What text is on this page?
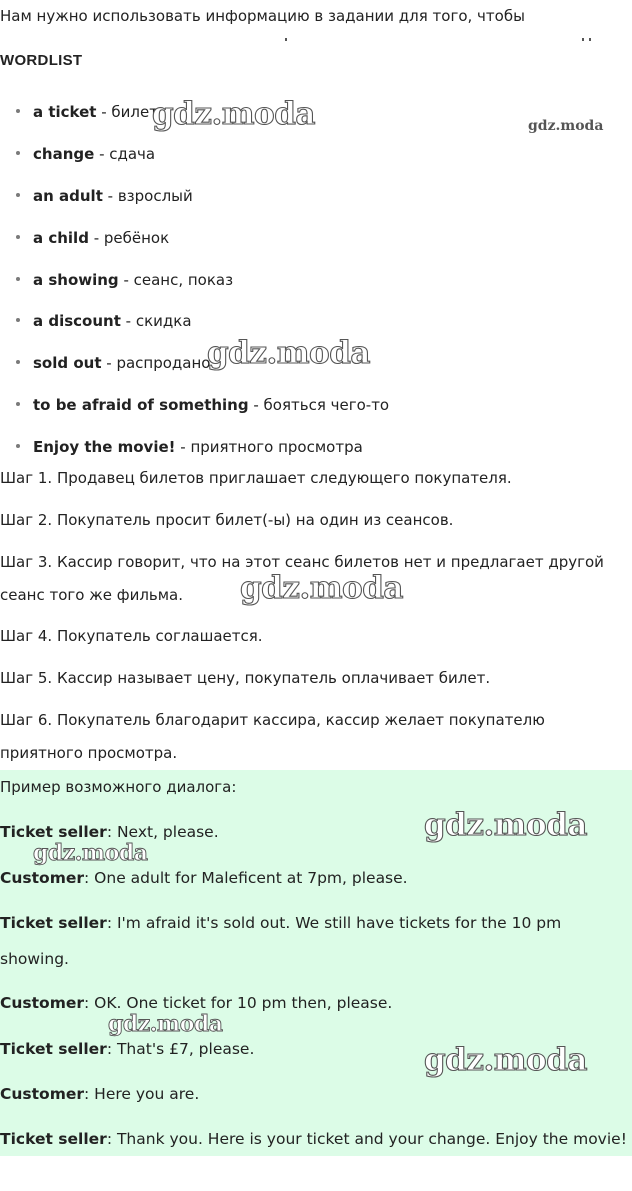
Нам нужно использовать информацию в задании для того, чтобы
WORDLIST
a ticket - билет
change - сдача
an adult - взрослый
a child - ребёнок
a showing - сеанс, показ
a discount - скидка
sold out - распродано
to be afraid of something - бояться чего-то
Enjoy the movie! - приятного просмотра
Шаг 1. Продавец билетов приглашает следующего покупателя.
Шаг 2. Покупатель просит билет(-ы) на один из сеансов.
Шаг 3. Кассир говорит, что на этот сеанс билетов нет и предлагает другой сеанс того же фильма.
Шаг 4. Покупатель соглашается.
Шаг 5. Кассир называет цену, покупатель оплачивает билет.
Шаг 6. Покупатель благодарит кассира, кассир желает покупателю приятного просмотра.
Пример возможного диалога:
Ticket seller: Next, please.
Customer: One adult for Maleficent at 7pm, please.
Ticket seller: I'm afraid it's sold out. We still have tickets for the 10 pm showing.
Customer: OK. One ticket for 10 pm then, please.
Ticket seller: That's £7, please.
Customer: Here you are.
Ticket seller: Thank you. Here is your ticket and your change. Enjoy the movie!
gdz.moda	gdz.moda
gdz.moda
gdz.moda
gdz.moda
gdz.moda
gdz.moda
gdz.moda
